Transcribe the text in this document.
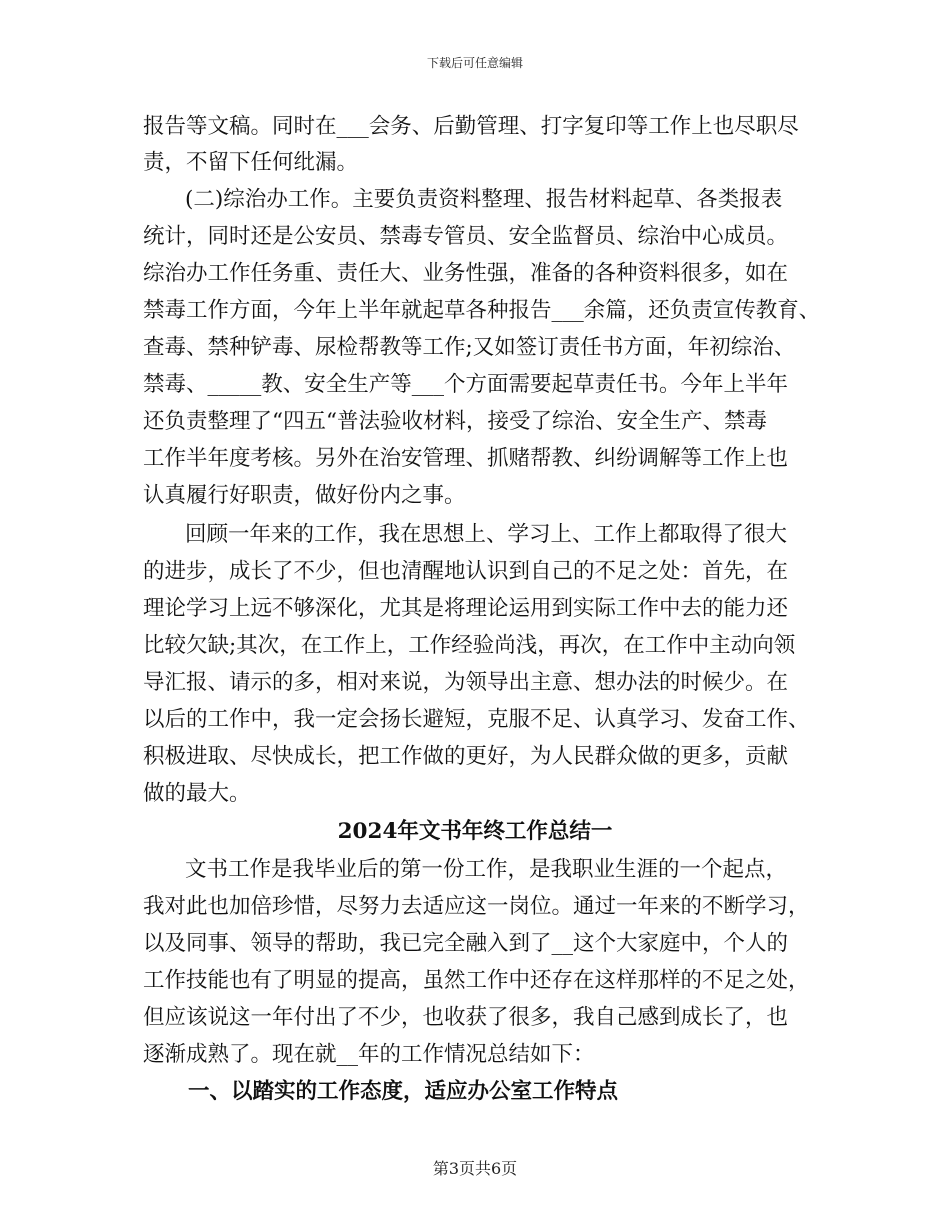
下载后可任意编辑
报告等文稿。同时在___会务、后勤管理、打字复印等工作上也尽职尽
责，不留下任何纰漏。
(二)综治办工作。主要负责资料整理、报告材料起草、各类报表
统计，同时还是公安员、禁毒专管员、安全监督员、综治中心成员。
综治办工作任务重、责任大、业务性强，准备的各种资料很多，如在
禁毒工作方面，今年上半年就起草各种报告___余篇，还负责宣传教育、
查毒、禁种铲毒、尿检帮教等工作;又如签订责任书方面，年初综治、
禁毒、_____教、安全生产等___个方面需要起草责任书。今年上半年
还负责整理了“四五“普法验收材料，接受了综治、安全生产、禁毒
工作半年度考核。另外在治安管理、抓赌帮教、纠纷调解等工作上也
认真履行好职责，做好份内之事。
回顾一年来的工作，我在思想上、学习上、工作上都取得了很大
的进步，成长了不少，但也清醒地认识到自己的不足之处：首先，在
理论学习上远不够深化，尤其是将理论运用到实际工作中去的能力还
比较欠缺;其次，在工作上，工作经验尚浅，再次，在工作中主动向领
导汇报、请示的多，相对来说，为领导出主意、想办法的时候少。在
以后的工作中，我一定会扬长避短，克服不足、认真学习、发奋工作、
积极进取、尽快成长，把工作做的更好，为人民群众做的更多，贡献
做的最大。
2024年文书年终工作总结一
文书工作是我毕业后的第一份工作，是我职业生涯的一个起点，
我对此也加倍珍惜，尽努力去适应这一岗位。通过一年来的不断学习，
以及同事、领导的帮助，我已完全融入到了__这个大家庭中，个人的
工作技能也有了明显的提高，虽然工作中还存在这样那样的不足之处，
但应该说这一年付出了不少，也收获了很多，我自己感到成长了，也
逐渐成熟了。现在就__年的工作情况总结如下：
一、以踏实的工作态度，适应办公室工作特点
第3页共6页
